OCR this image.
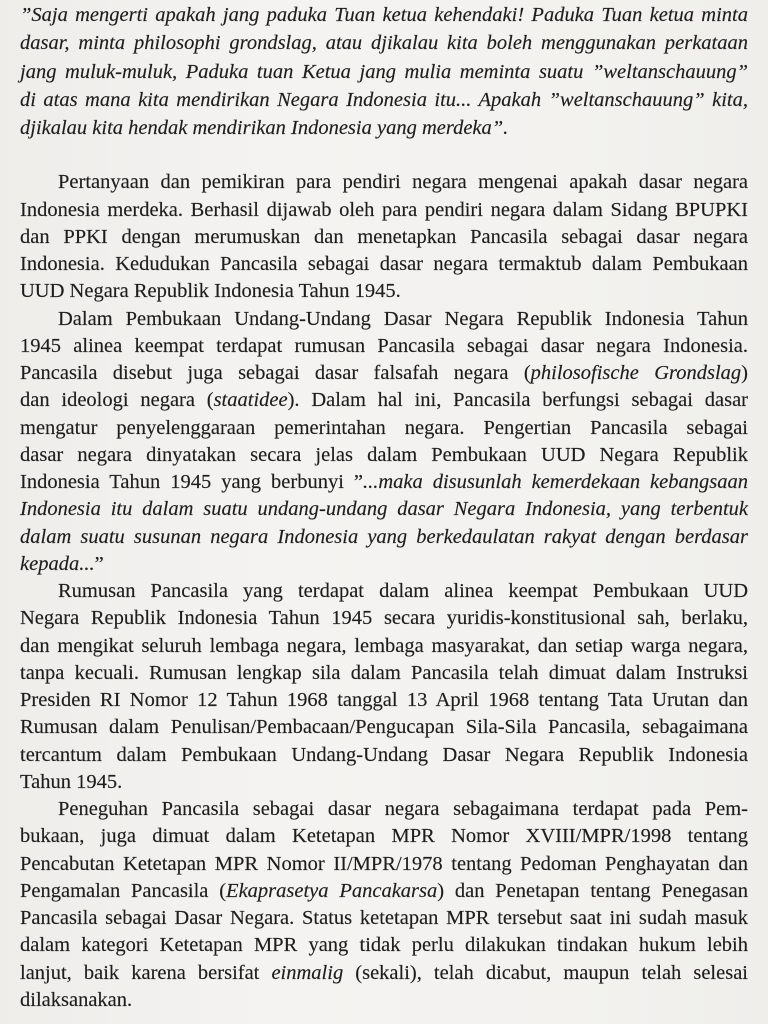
”Saja mengerti apakah jang paduka Tuan ketua kehendaki! Paduka Tuan ketua minta
dasar, minta philosophi grondslag, atau djikalau kita boleh menggunakan perkataan
jang muluk-muluk, Paduka tuan Ketua jang mulia meminta suatu ”weltanschauung”
di atas mana kita mendirikan Negara Indonesia itu... Apakah ”weltanschauung” kita,
djikalau kita hendak mendirikan Indonesia yang merdeka”.
Pertanyaan dan pemikiran para pendiri negara mengenai apakah dasar negara
Indonesia merdeka. Berhasil dijawab oleh para pendiri negara dalam Sidang BPUPKI
dan PPKI dengan merumuskan dan menetapkan Pancasila sebagai dasar negara
Indonesia. Kedudukan Pancasila sebagai dasar negara termaktub dalam Pembukaan
UUD Negara Republik Indonesia Tahun 1945.
Dalam Pembukaan Undang-Undang Dasar Negara Republik Indonesia Tahun
1945 alinea keempat terdapat rumusan Pancasila sebagai dasar negara Indonesia.
Pancasila disebut juga sebagai dasar falsafah negara (philosofische Grondslag)
dan ideologi negara (staatidee). Dalam hal ini, Pancasila berfungsi sebagai dasar
mengatur penyelenggaraan pemerintahan negara. Pengertian Pancasila sebagai
dasar negara dinyatakan secara jelas dalam Pembukaan UUD Negara Republik
Indonesia Tahun 1945 yang berbunyi ”...maka disusunlah kemerdekaan kebangsaan
Indonesia itu dalam suatu undang-undang dasar Negara Indonesia, yang terbentuk
dalam suatu susunan negara Indonesia yang berkedaulatan rakyat dengan berdasar
kepada...”
Rumusan Pancasila yang terdapat dalam alinea keempat Pembukaan UUD
Negara Republik Indonesia Tahun 1945 secara yuridis-konstitusional sah, berlaku,
dan mengikat seluruh lembaga negara, lembaga masyarakat, dan setiap warga negara,
tanpa kecuali. Rumusan lengkap sila dalam Pancasila telah dimuat dalam Instruksi
Presiden RI Nomor 12 Tahun 1968 tanggal 13 April 1968 tentang Tata Urutan dan
Rumusan dalam Penulisan/Pembacaan/Pengucapan Sila-Sila Pancasila, sebagaimana
tercantum dalam Pembukaan Undang-Undang Dasar Negara Republik Indonesia
Tahun 1945.
Peneguhan Pancasila sebagai dasar negara sebagaimana terdapat pada Pem-
bukaan, juga dimuat dalam Ketetapan MPR Nomor XVIII/MPR/1998 tentang
Pencabutan Ketetapan MPR Nomor II/MPR/1978 tentang Pedoman Penghayatan dan
Pengamalan Pancasila (Ekaprasetya Pancakarsa) dan Penetapan tentang Penegasan
Pancasila sebagai Dasar Negara. Status ketetapan MPR tersebut saat ini sudah masuk
dalam kategori Ketetapan MPR yang tidak perlu dilakukan tindakan hukum lebih
lanjut, baik karena bersifat einmalig (sekali), telah dicabut, maupun telah selesai
dilaksanakan.
